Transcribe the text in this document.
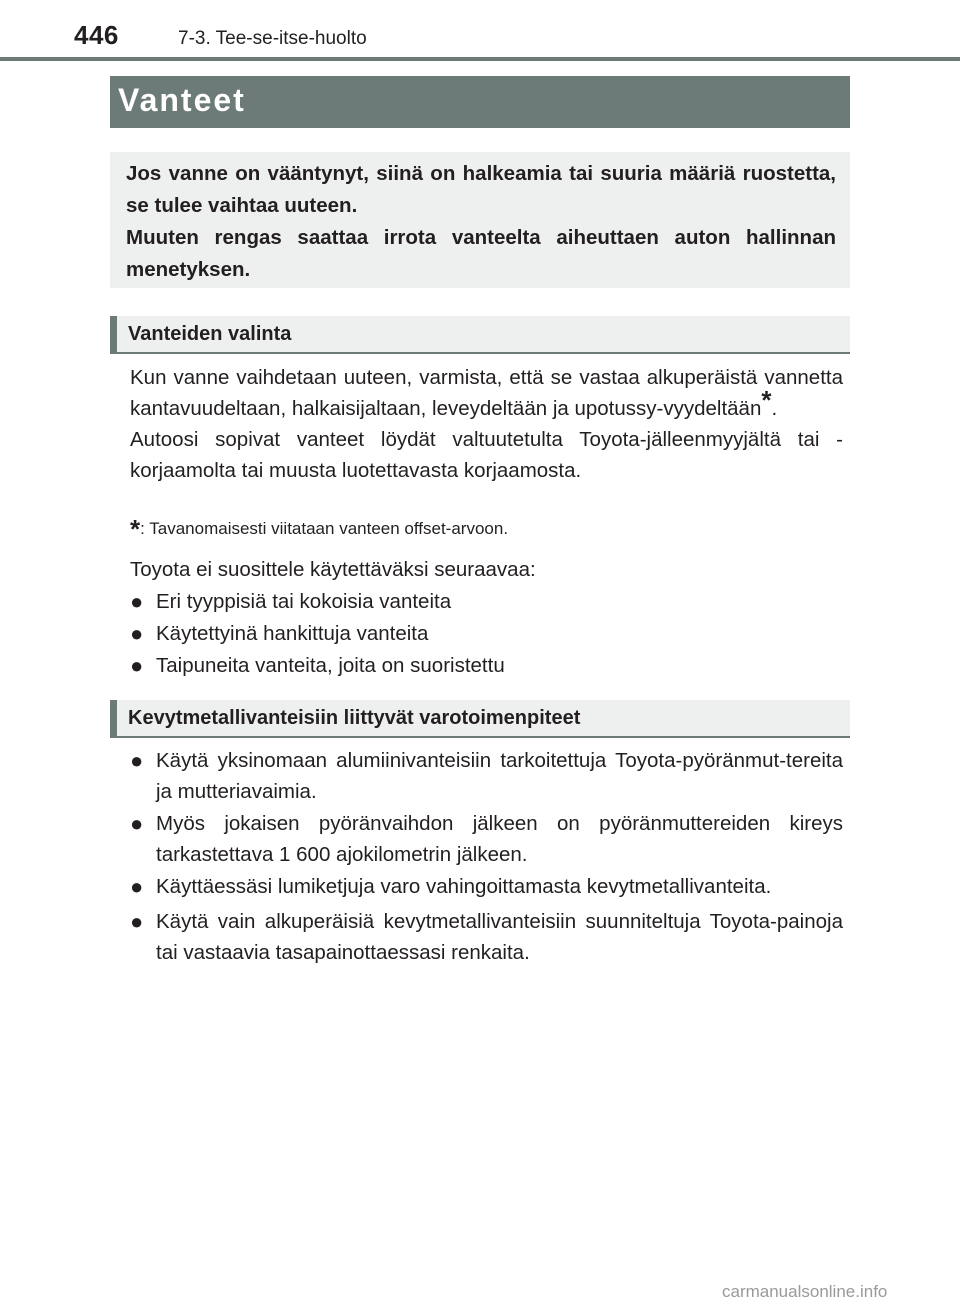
446	7-3. Tee-se-itse-huolto
Vanteet

Jos vanne on vääntynyt, siinä on halkeamia tai suuria määriä ruostetta, se tulee vaihtaa uuteen.

Muuten rengas saattaa irrota vanteelta aiheuttaen auton hallinnan menetyksen.

Vanteiden valinta

Kun vanne vaihdetaan uuteen, varmista, että se vastaa alkuperäistä vannetta kantavuudeltaan, halkaisijaltaan, leveydeltään ja upotussy-vyydeltään*.

Autoosi sopivat vanteet löydät valtuutetulta Toyota-jälleenmyyjältä tai -korjaamolta tai muusta luotettavasta korjaamosta.

*: Tavanomaisesti viitataan vanteen offset-arvoon.
Toyota ei suosittele käytettäväksi seuraavaa:
● Eri tyyppisiä tai kokoisia vanteita
● Käytettyinä hankittuja vanteita
● Taipuneita vanteita, joita on suoristettu
Kevytmetallivanteisiin liittyvät varotoimenpiteet
● Käytä yksinomaan alumiinivanteisiin tarkoitettuja Toyota-pyöränmut-tereita ja mutteriavaimia.
● Myös jokaisen pyöränvaihdon jälkeen on pyöränmuttereiden kireys tarkastettava 1 600 ajokilometrin jälkeen.
● Käyttäessäsi lumiketjuja varo vahingoittamasta kevytmetallivanteita.
● Käytä vain alkuperäisiä kevytmetallivanteisiin suunniteltuja Toyota-painoja tai vastaavia tasapainottaessasi renkaita.
carmanualsonline.info
